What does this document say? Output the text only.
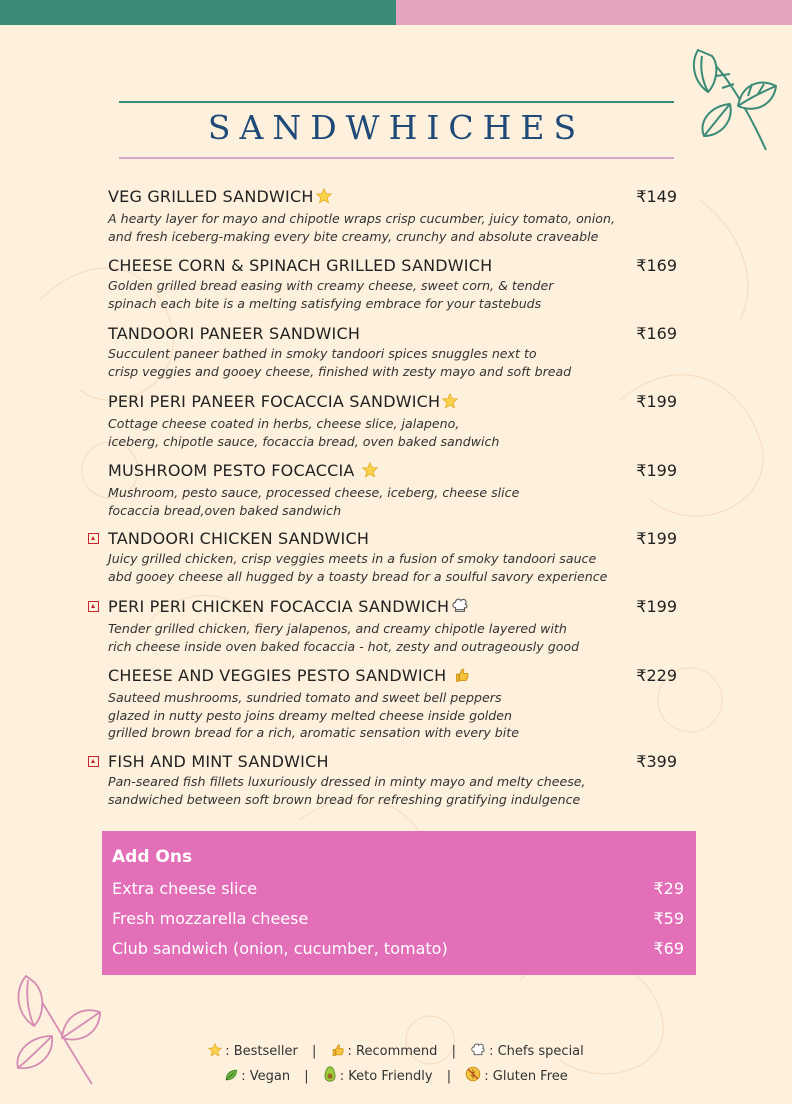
SANDWHICHES
VEG GRILLED SANDWICH	₹149
A hearty layer for mayo and chipotle wraps crisp cucumber, juicy tomato, onion,
and fresh iceberg-making every bite creamy, crunchy and absolute craveable
CHEESE CORN & SPINACH GRILLED SANDWICH	₹169
Golden grilled bread easing with creamy cheese, sweet corn, & tender
spinach each bite is a melting satisfying embrace for your tastebuds
TANDOORI PANEER SANDWICH	₹169
Succulent paneer bathed in smoky tandoori spices snuggles next to
crisp veggies and gooey cheese, finished with zesty mayo and soft bread
PERI PERI PANEER FOCACCIA SANDWICH	₹199
Cottage cheese coated in herbs, cheese slice, jalapeno,
iceberg, chipotle sauce, focaccia bread, oven baked sandwich
MUSHROOM PESTO FOCACCIA	₹199
Mushroom, pesto sauce, processed cheese, iceberg, cheese slice
focaccia bread,oven baked sandwich
TANDOORI CHICKEN SANDWICH	₹199
Juicy grilled chicken, crisp veggies meets in a fusion of smoky tandoori sauce
abd gooey cheese all hugged by a toasty bread for a soulful savory experience
PERI PERI CHICKEN FOCACCIA SANDWICH	₹199
Tender grilled chicken, fiery jalapenos, and creamy chipotle layered with
rich cheese inside oven baked focaccia - hot, zesty and outrageously good
CHEESE AND VEGGIES PESTO SANDWICH	₹229
Sauteed mushrooms, sundried tomato and sweet bell peppers
glazed in nutty pesto joins dreamy melted cheese inside golden
grilled brown bread for a rich, aromatic sensation with every bite
FISH AND MINT SANDWICH	₹399
Pan-seared fish fillets luxuriously dressed in minty mayo and melty cheese,
sandwiched between soft brown bread for refreshing gratifying indulgence
Add Ons
Extra cheese slice	₹29
Fresh mozzarella cheese	₹59
Club sandwich (onion, cucumber, tomato)	₹69
: Bestseller | : Recommend |	: Chefs special
: Vegan | : Keto Friendly |	: Gluten Free
